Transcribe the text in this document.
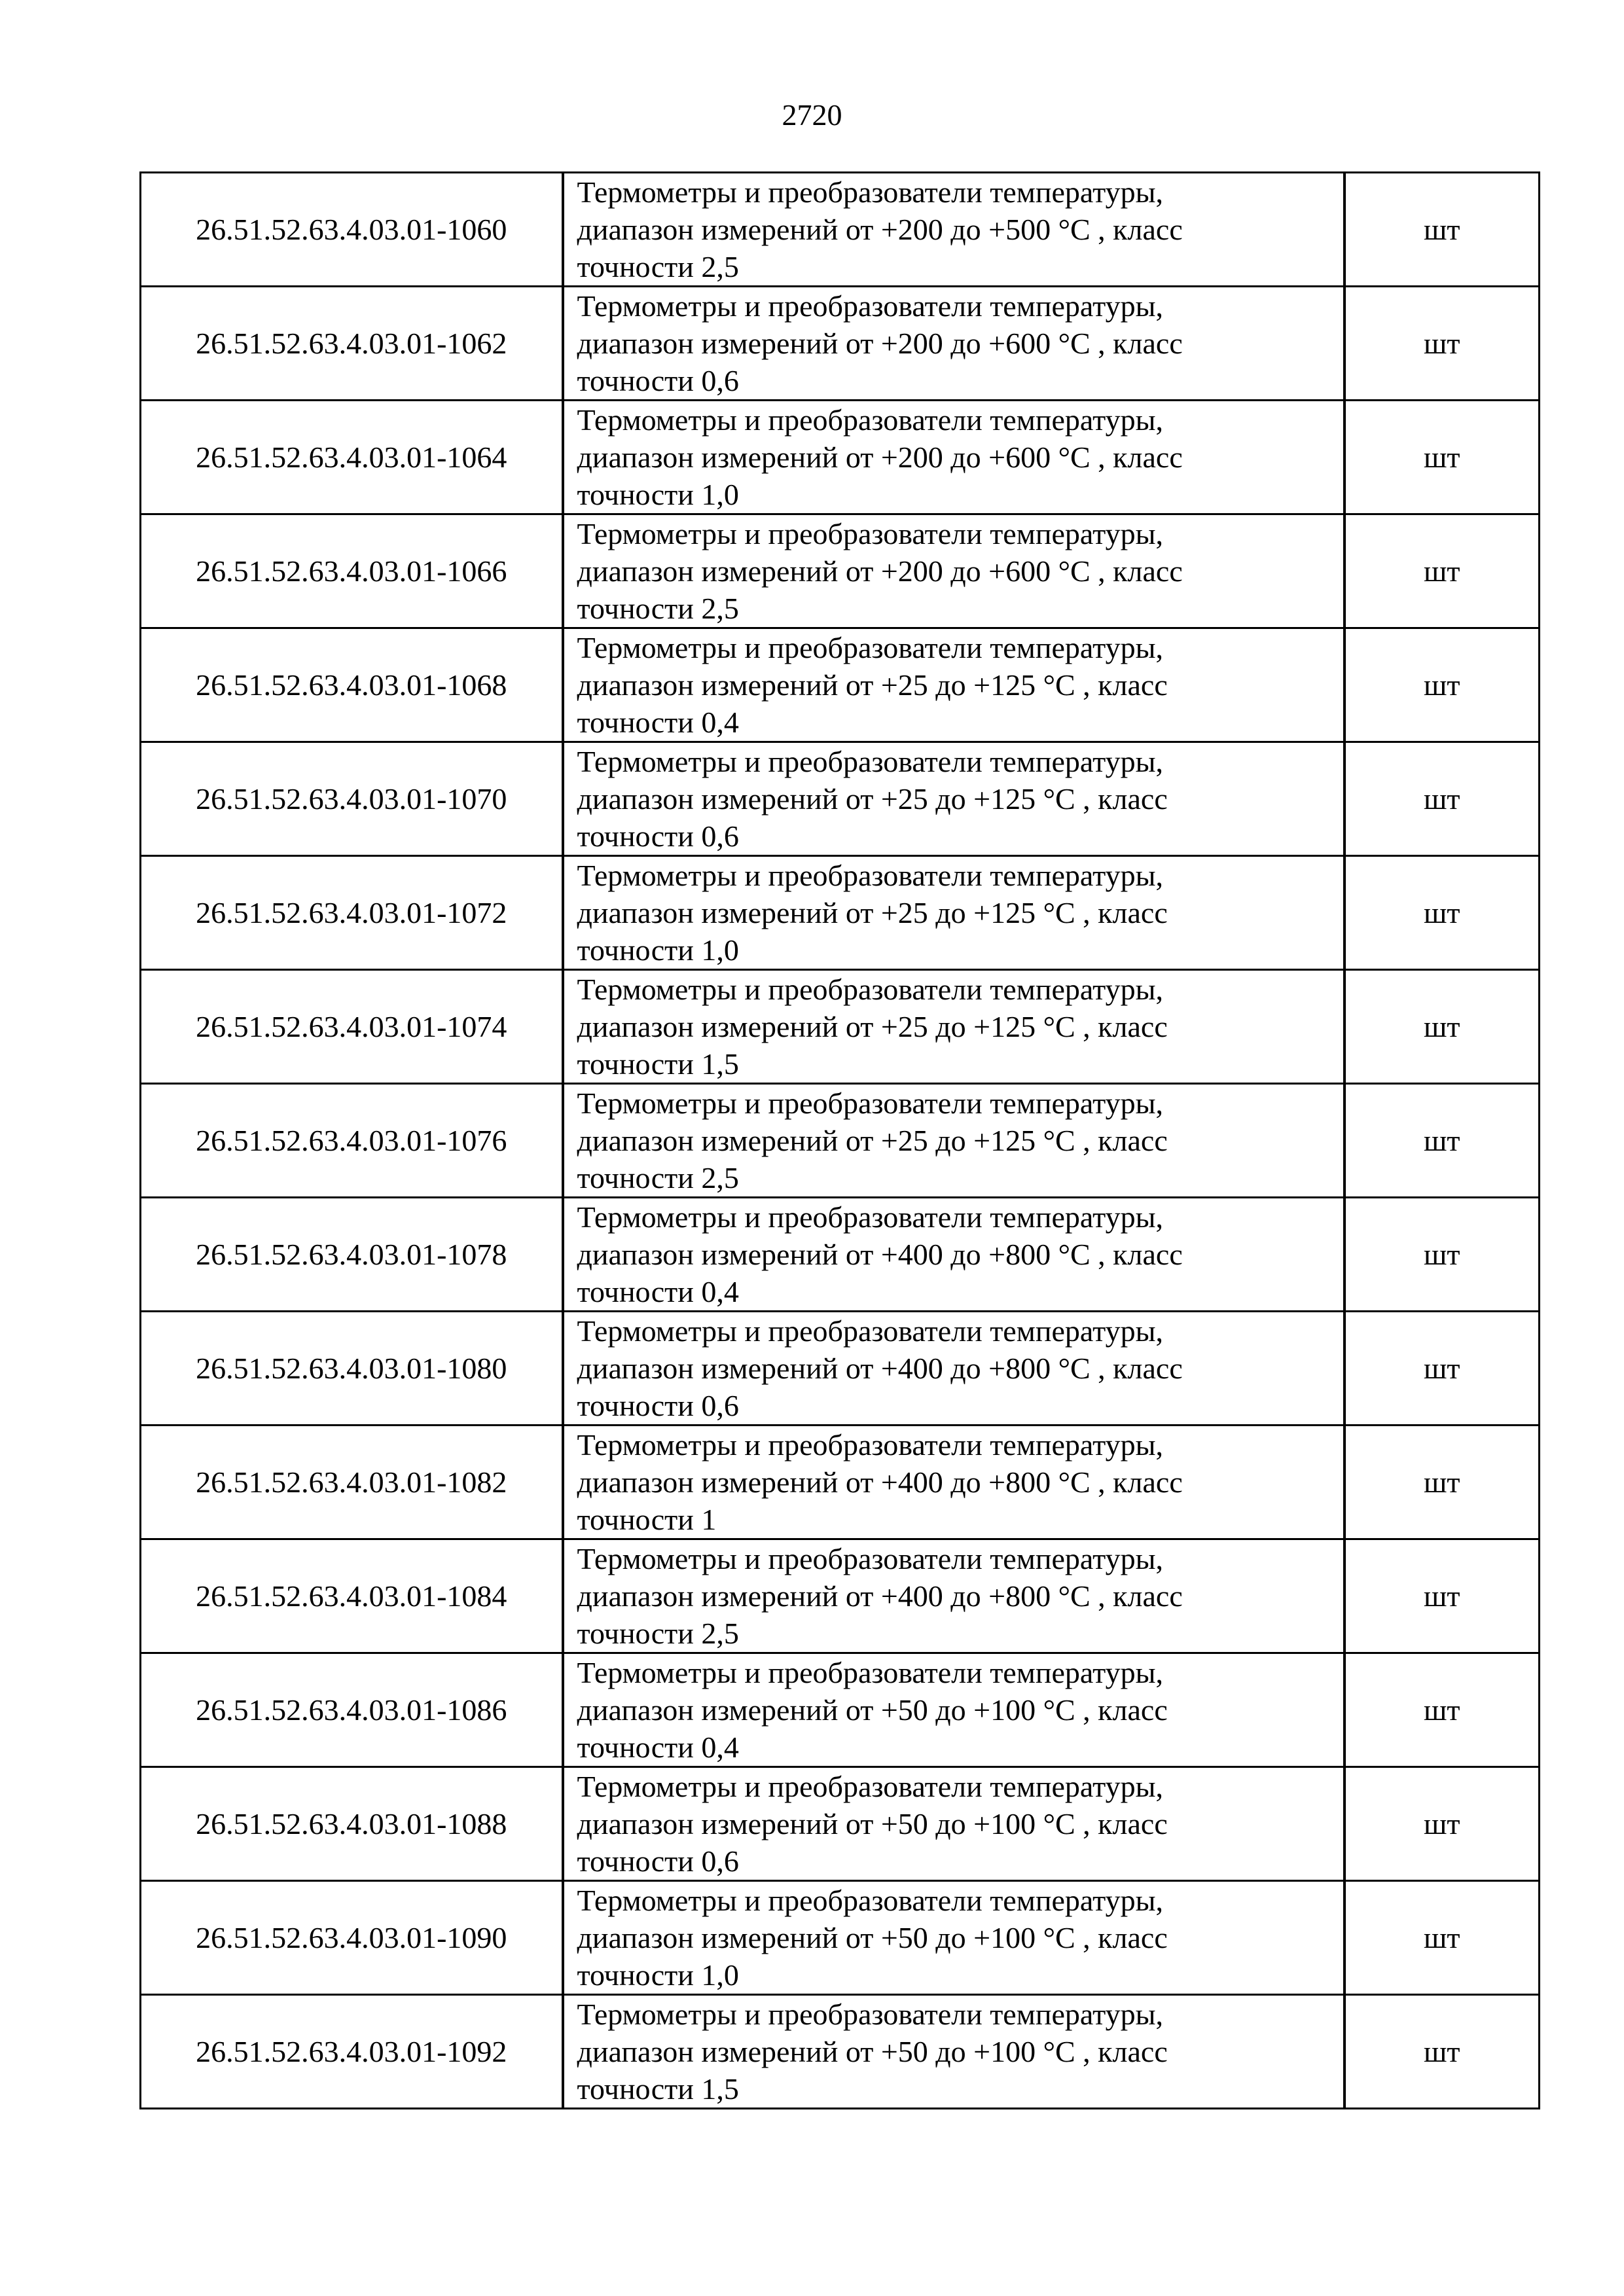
2720
26.51.52.63.4.03.01-1060	Термометры и преобразователи температуры,
диапазон измерений от +200 до +500 °С , класс
точности 2,5	шт
26.51.52.63.4.03.01-1062	Термометры и преобразователи температуры,
диапазон измерений от +200 до +600 °С , класс
точности 0,6	шт
26.51.52.63.4.03.01-1064	Термометры и преобразователи температуры,
диапазон измерений от +200 до +600 °С , класс
точности 1,0	шт
26.51.52.63.4.03.01-1066	Термометры и преобразователи температуры,
диапазон измерений от +200 до +600 °С , класс
точности 2,5	шт
26.51.52.63.4.03.01-1068	Термометры и преобразователи температуры,
диапазон измерений от +25 до +125 °С , класс
точности 0,4	шт
26.51.52.63.4.03.01-1070	Термометры и преобразователи температуры,
диапазон измерений от +25 до +125 °С , класс
точности 0,6	шт
26.51.52.63.4.03.01-1072	Термометры и преобразователи температуры,
диапазон измерений от +25 до +125 °С , класс
точности 1,0	шт
26.51.52.63.4.03.01-1074	Термометры и преобразователи температуры,
диапазон измерений от +25 до +125 °С , класс
точности 1,5	шт
26.51.52.63.4.03.01-1076	Термометры и преобразователи температуры,
диапазон измерений от +25 до +125 °С , класс
точности 2,5	шт
26.51.52.63.4.03.01-1078	Термометры и преобразователи температуры,
диапазон измерений от +400 до +800 °С , класс
точности 0,4	шт
26.51.52.63.4.03.01-1080	Термометры и преобразователи температуры,
диапазон измерений от +400 до +800 °С , класс
точности 0,6	шт
26.51.52.63.4.03.01-1082	Термометры и преобразователи температуры,
диапазон измерений от +400 до +800 °С , класс
точности 1	шт
26.51.52.63.4.03.01-1084	Термометры и преобразователи температуры,
диапазон измерений от +400 до +800 °С , класс
точности 2,5	шт
26.51.52.63.4.03.01-1086	Термометры и преобразователи температуры,
диапазон измерений от +50 до +100 °С , класс
точности 0,4	шт
26.51.52.63.4.03.01-1088	Термометры и преобразователи температуры,
диапазон измерений от +50 до +100 °С , класс
точности 0,6	шт
26.51.52.63.4.03.01-1090	Термометры и преобразователи температуры,
диапазон измерений от +50 до +100 °С , класс
точности 1,0	шт
26.51.52.63.4.03.01-1092	Термометры и преобразователи температуры,
диапазон измерений от +50 до +100 °С , класс
точности 1,5	шт
